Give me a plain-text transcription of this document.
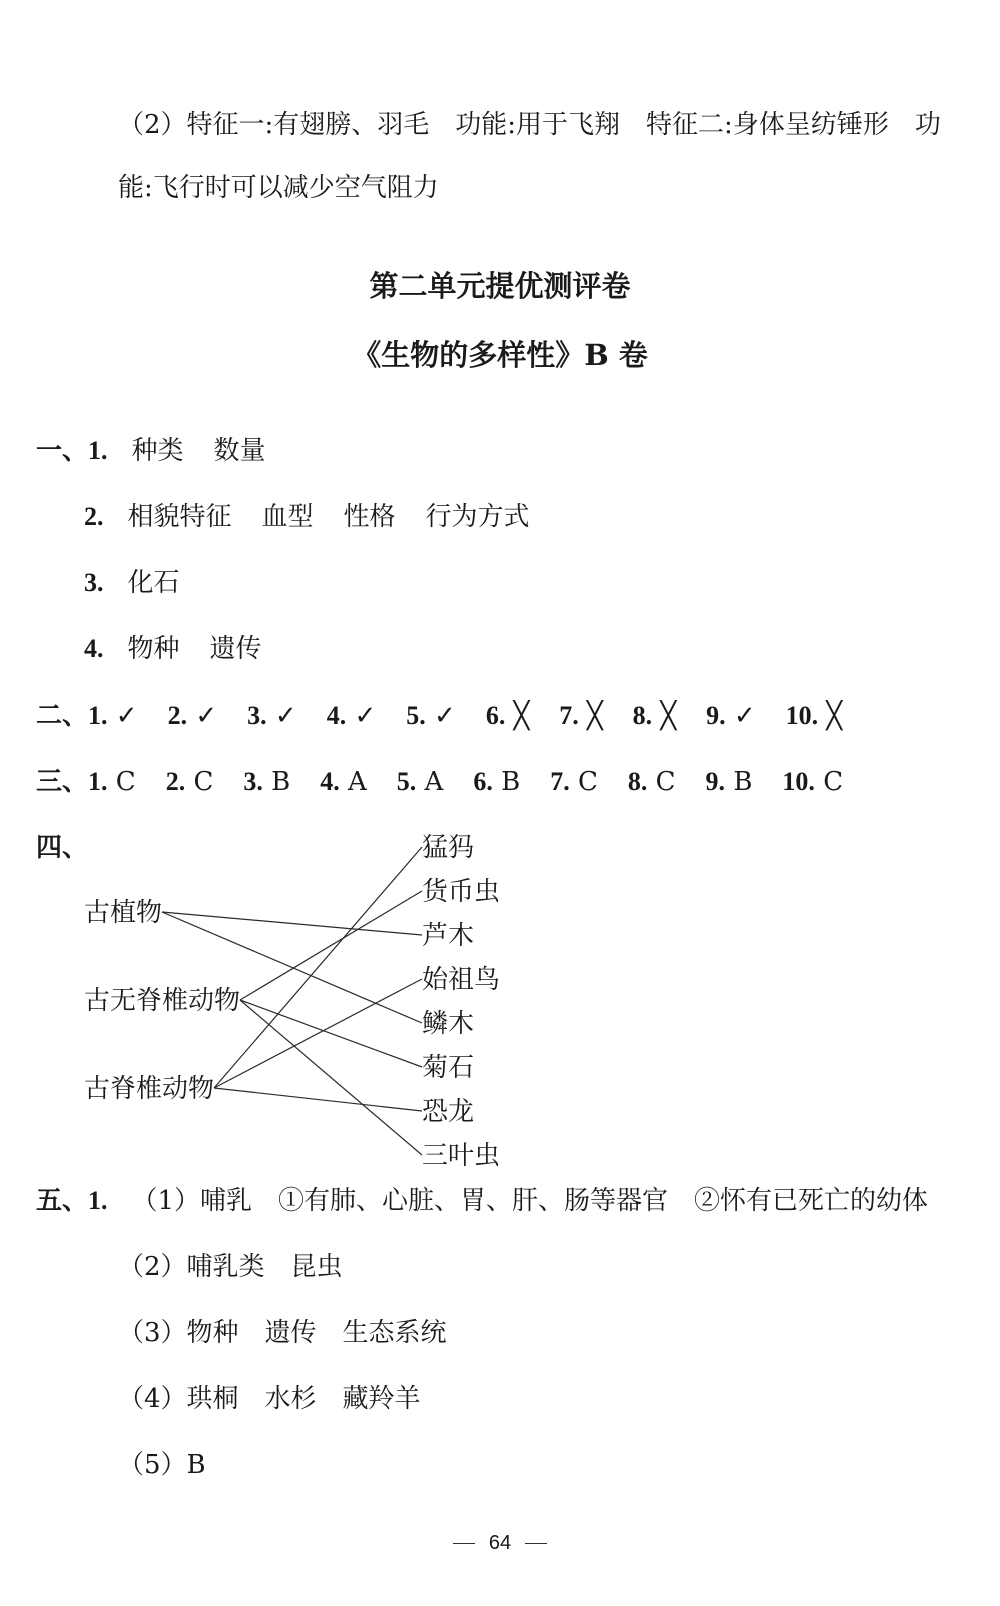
（2）特征一:有翅膀、羽毛　功能:用于飞翔　特征二:身体呈纺锤形　功
能:飞行时可以减少空气阻力
第二单元提优测评卷
《生物的多样性》B 卷
一、1. 种类 数量
2. 相貌特征 血型 性格 行为方式
3. 化石
4. 物种 遗传
二、1. ✓ 2. ✓ 3. ✓ 4. ✓ 5. ✓ 6. ╳ 7. ╳ 8. ╳ 9. ✓ 10. ╳
三、1. C 2. C 3. B 4. A 5. A 6. B 7. C 8. C 9. B 10. C
四、
古植物
古无脊椎动物
古脊椎动物
猛犸
货币虫
芦木
始祖鸟
鳞木
菊石
恐龙
三叶虫
五、1. （1）哺乳　①有肺、心脏、胃、肝、肠等器官　②怀有已死亡的幼体
（2）哺乳类　昆虫
（3）物种　遗传　生态系统
（4）珙桐　水杉　藏羚羊
（5）B
64
